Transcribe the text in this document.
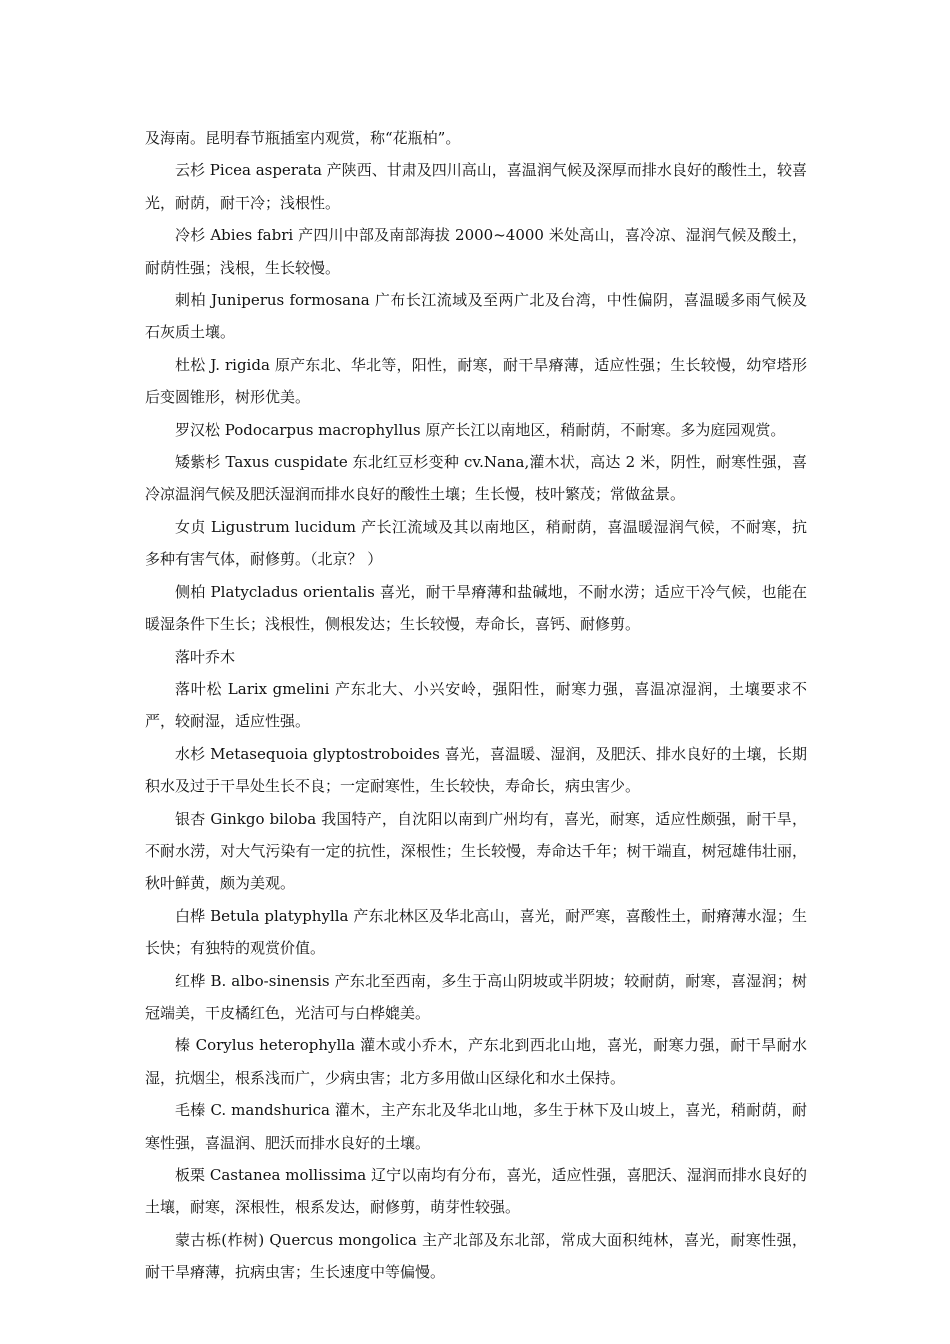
及海南。昆明春节瓶插室内观赏，称“花瓶柏”。

云杉 Picea asperata 产陕西、甘肃及四川高山，喜温润气候及深厚而排水良好的酸性土，较喜光，耐荫，耐干冷；浅根性。

冷杉 Abies fabri 产四川中部及南部海拔 2000~4000 米处高山，喜冷凉、湿润气候及酸土，耐荫性强；浅根，生长较慢。

刺柏 Juniperus formosana 广布长江流域及至两广北及台湾，中性偏阴，喜温暖多雨气候及石灰质土壤。

杜松 J. rigida 原产东北、华北等，阳性，耐寒，耐干旱瘠薄，适应性强；生长较慢，幼窄塔形后变圆锥形，树形优美。

罗汉松 Podocarpus macrophyllus 原产长江以南地区，稍耐荫，不耐寒。多为庭园观赏。

矮紫杉 Taxus cuspidate 东北红豆杉变种 cv.Nana,灌木状，高达 2 米，阴性，耐寒性强，喜冷凉温润气候及肥沃湿润而排水良好的酸性土壤；生长慢，枝叶繁茂；常做盆景。

女贞 Ligustrum lucidum 产长江流域及其以南地区，稍耐荫，喜温暖湿润气候，不耐寒，抗多种有害气体，耐修剪。（北京？ ）

侧柏 Platycladus orientalis 喜光，耐干旱瘠薄和盐碱地，不耐水涝；适应干冷气候，也能在暖湿条件下生长；浅根性，侧根发达；生长较慢，寿命长，喜钙、耐修剪。

落叶乔木

落叶松 Larix gmelini 产东北大、小兴安岭，强阳性，耐寒力强，喜温凉湿润，土壤要求不严，较耐湿，适应性强。

水杉 Metasequoia glyptostroboides 喜光，喜温暖、湿润，及肥沃、排水良好的土壤，长期积水及过于干旱处生长不良；一定耐寒性，生长较快，寿命长，病虫害少。

银杏 Ginkgo biloba 我国特产，自沈阳以南到广州均有，喜光，耐寒，适应性颇强，耐干旱，不耐水涝，对大气污染有一定的抗性，深根性；生长较慢，寿命达千年；树干端直，树冠雄伟壮丽，秋叶鲜黄，颇为美观。

白桦 Betula platyphylla 产东北林区及华北高山，喜光，耐严寒，喜酸性土，耐瘠薄水湿；生长快；有独特的观赏价值。

红桦 B. albo-sinensis 产东北至西南，多生于高山阴坡或半阴坡；较耐荫，耐寒，喜湿润；树冠端美，干皮橘红色，光洁可与白桦媲美。

榛 Corylus heterophylla 灌木或小乔木，产东北到西北山地，喜光，耐寒力强，耐干旱耐水湿，抗烟尘，根系浅而广，少病虫害；北方多用做山区绿化和水土保持。

毛榛 C. mandshurica 灌木，主产东北及华北山地，多生于林下及山坡上，喜光，稍耐荫，耐寒性强，喜温润、肥沃而排水良好的土壤。

板栗 Castanea mollissima 辽宁以南均有分布，喜光，适应性强，喜肥沃、湿润而排水良好的土壤，耐寒，深根性，根系发达，耐修剪，萌芽性较强。

蒙古栎(柞树) Quercus mongolica 主产北部及东北部，常成大面积纯林，喜光，耐寒性强，耐干旱瘠薄，抗病虫害；生长速度中等偏慢。
